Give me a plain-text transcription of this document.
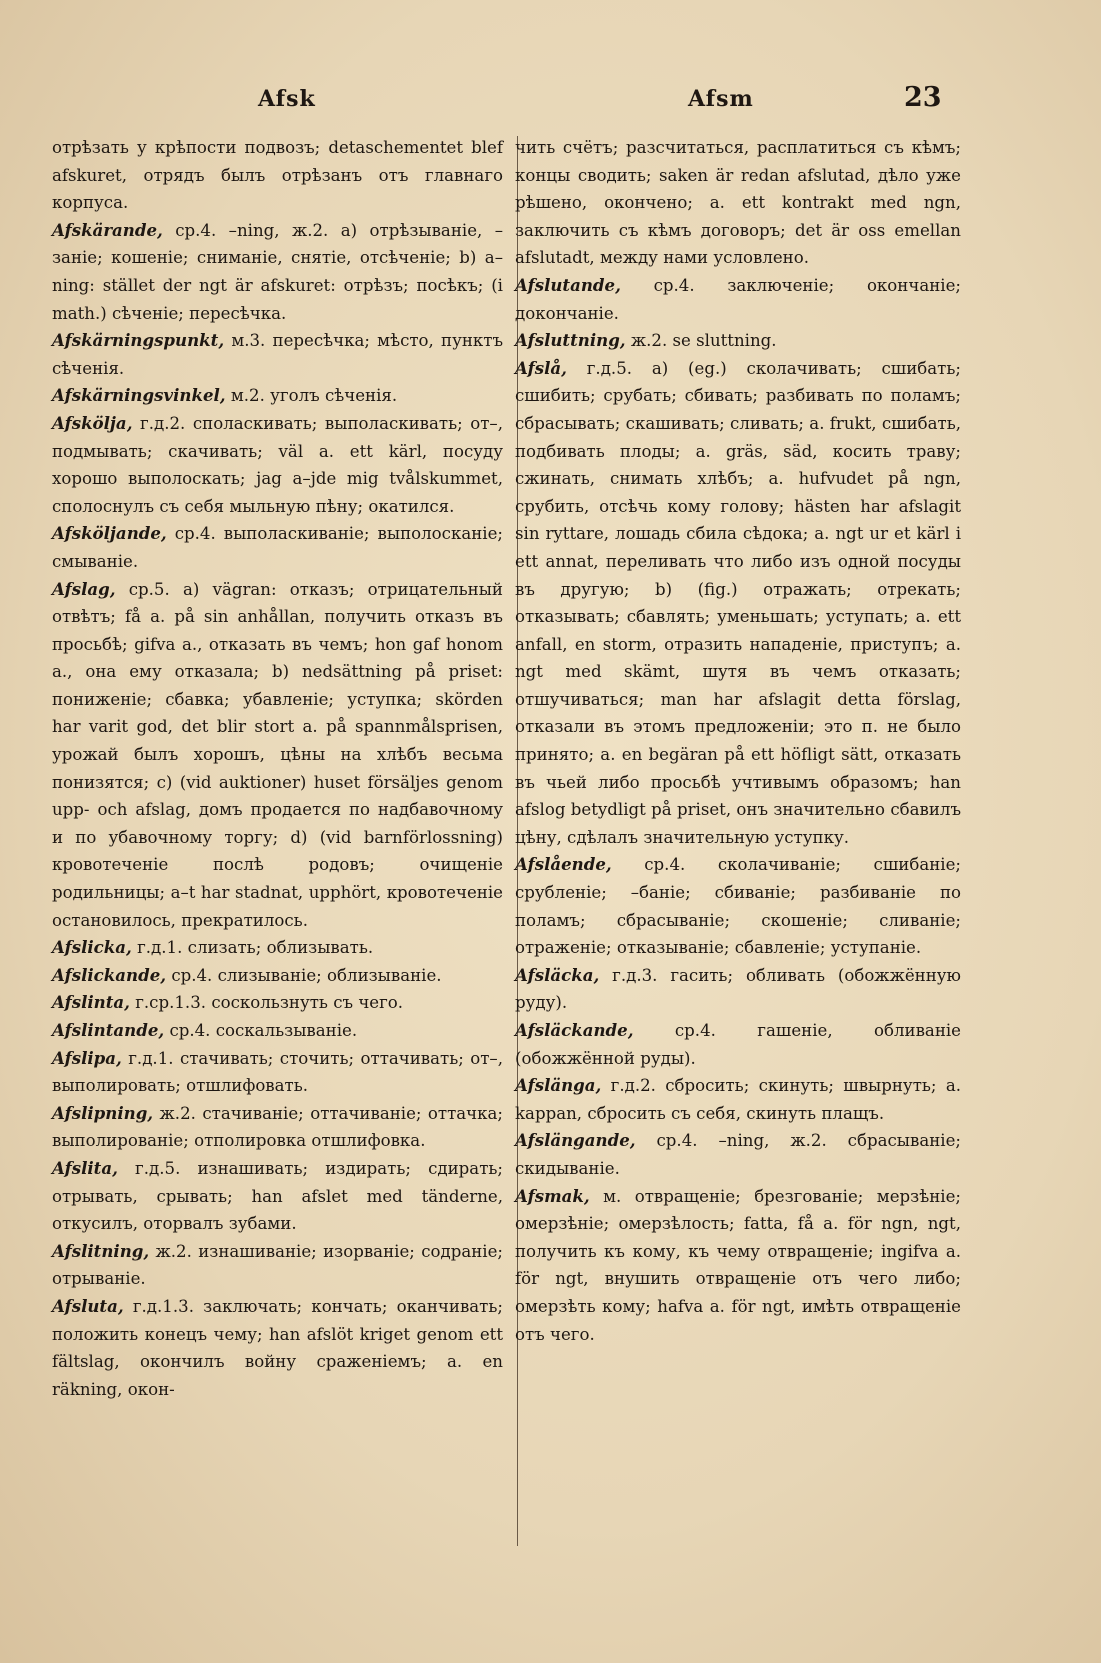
Afsk	Afsm	23

отрѣзать у крѣпости подвозъ; detaschementet blef afskuret, отрядъ былъ отрѣзанъ отъ главнаго корпуса.

Afskärande, ср.4. –ning, ж.2. a) отрѣзываніе, –заніе; кошеніе; сниманіе, снятіе, отсѣченіе; b) a–ning: stället der ngt är afskuret: отрѣзъ; посѣкъ; (i math.) сѣченіе; пересѣчка.

Afskärningspunkt, м.3. пересѣчка; мѣсто, пунктъ сѣченія.

Afskärningsvinkel, м.2. уголъ сѣченія.

Afskölja, г.д.2. споласкивать; выполаскивать; от–, подмывать; скачивать; väl a. ett kärl, посуду хорошо выполоскать; jag a–jde mig tvålskummet, сполоснулъ съ себя мыльную пѣну; окатился.

Afsköljande, ср.4. выполаскиваніе; выполосканіе; смываніе.

Afslag, ср.5. a) vägran: отказъ; отрицательный отвѣтъ; få a. på sin anhållan, получить отказъ въ просьбѣ; gifva a., отказать въ чемъ; hon gaf honom a., она ему отказала; b) nedsättning på priset: пониженіе; сбавка; убавленіе; уступка; skörden har varit god, det blir stort a. på spannmålsprisen, урожай былъ хорошъ, цѣны на хлѣбъ весьма понизятся; c) (vid auktioner) huset försäljes genom upp- och afslag, домъ продается по надбавочному и по убавочному торгу; d) (vid barnförlossning) кровотеченіе послѣ родовъ; очищеніе родильницы; a–t har stadnat, upphört, кровотеченіе остановилось, прекратилось.

Afslicka, г.д.1. слизать; облизывать.

Afslickande, ср.4. слизываніе; облизываніе.

Afslinta, г.ср.1.3. соскользнуть съ чего.

Afslintande, ср.4. соскальзываніе.

Afslipa, г.д.1. стачивать; сточить; оттачивать; от–, выполировать; отшлифовать.

Afslipning, ж.2. стачиваніе; оттачиваніе; оттачка; выполированіе; отполировка отшлифовка.

Afslita, г.д.5. изнашивать; издирать; сдирать; отрывать, срывать; han afslet med tänderne, откусилъ, оторвалъ зубами.

Afslitning, ж.2. изнашиваніе; изорваніе; содраніе; отрываніе.

Afsluta, г.д.1.3. заключать; кончать; оканчивать; положить конецъ чему; han afslöt kriget genom ett fältslag, окончилъ войну сраженіемъ; a. en räkning, окон-

чить счётъ; разсчитаться, расплатиться съ кѣмъ; концы сводить; saken är redan afslutad, дѣло уже рѣшено, окончено; a. ett kontrakt med ngn, заключить съ кѣмъ договоръ; det är oss emellan afslutadt, между нами условлено.

Afslutande, ср.4. заключеніе; окончаніе; докончаніе.

Afsluttning, ж.2. se sluttning.

Afslå, г.д.5. a) (eg.) сколачивать; сшибать; сшибить; срубать; сбивать; разбивать по поламъ; сбрасывать; скашивать; сливать; a. frukt, сшибать, подбивать плоды; a. gräs, säd, косить траву; сжинать, снимать хлѣбъ; a. hufvudet på ngn, срубить, отсѣчь кому голову; hästen har afslagit sin ryttare, лошадь сбила сѣдока; a. ngt ur et kärl i ett annat, переливать что либо изъ одной посуды въ другую; b) (fig.) отражать; отрекать; отказывать; сбавлять; уменьшать; уступать; a. ett anfall, en storm, отразить нападеніе, приступъ; a. ngt med skämt, шутя въ чемъ отказать; отшучиваться; man har afslagit detta förslag, отказали въ этомъ предложеніи; это п. не было принято; a. en begäran på ett höfligt sätt, отказать въ чьей либо просьбѣ учтивымъ образомъ; han afslog betydligt på priset, онъ значительно сбавилъ цѣну, сдѣлалъ значительную уступку.

Afslående, ср.4. сколачиваніе; сшибаніе; срубленіе; –баніе; сбиваніе; разбиваніе по поламъ; сбрасываніе; скошеніе; сливаніе; отраженіе; отказываніе; сбавленіе; уступаніе.

Afsläcka, г.д.3. гасить; обливать (обожжённую руду).

Afsläckande, ср.4. гашеніе, обливаніе (обожжённой руды).

Afslänga, г.д.2. сбросить; скинуть; швырнуть; a. kappan, сбросить съ себя, скинуть плащъ.

Afslängande, ср.4. –ning, ж.2. сбрасываніе; скидываніе.

Afsmak, м. отвращеніе; брезгованіе; мерзѣніе; омерзѣніе; омерзѣлость; fatta, få a. för ngn, ngt, получить къ кому, къ чему отвращеніе; ingifva a. för ngt, внушить отвращеніе отъ чего либо; омерзѣть кому; hafva a. för ngt, имѣть отвращеніе отъ чего.
